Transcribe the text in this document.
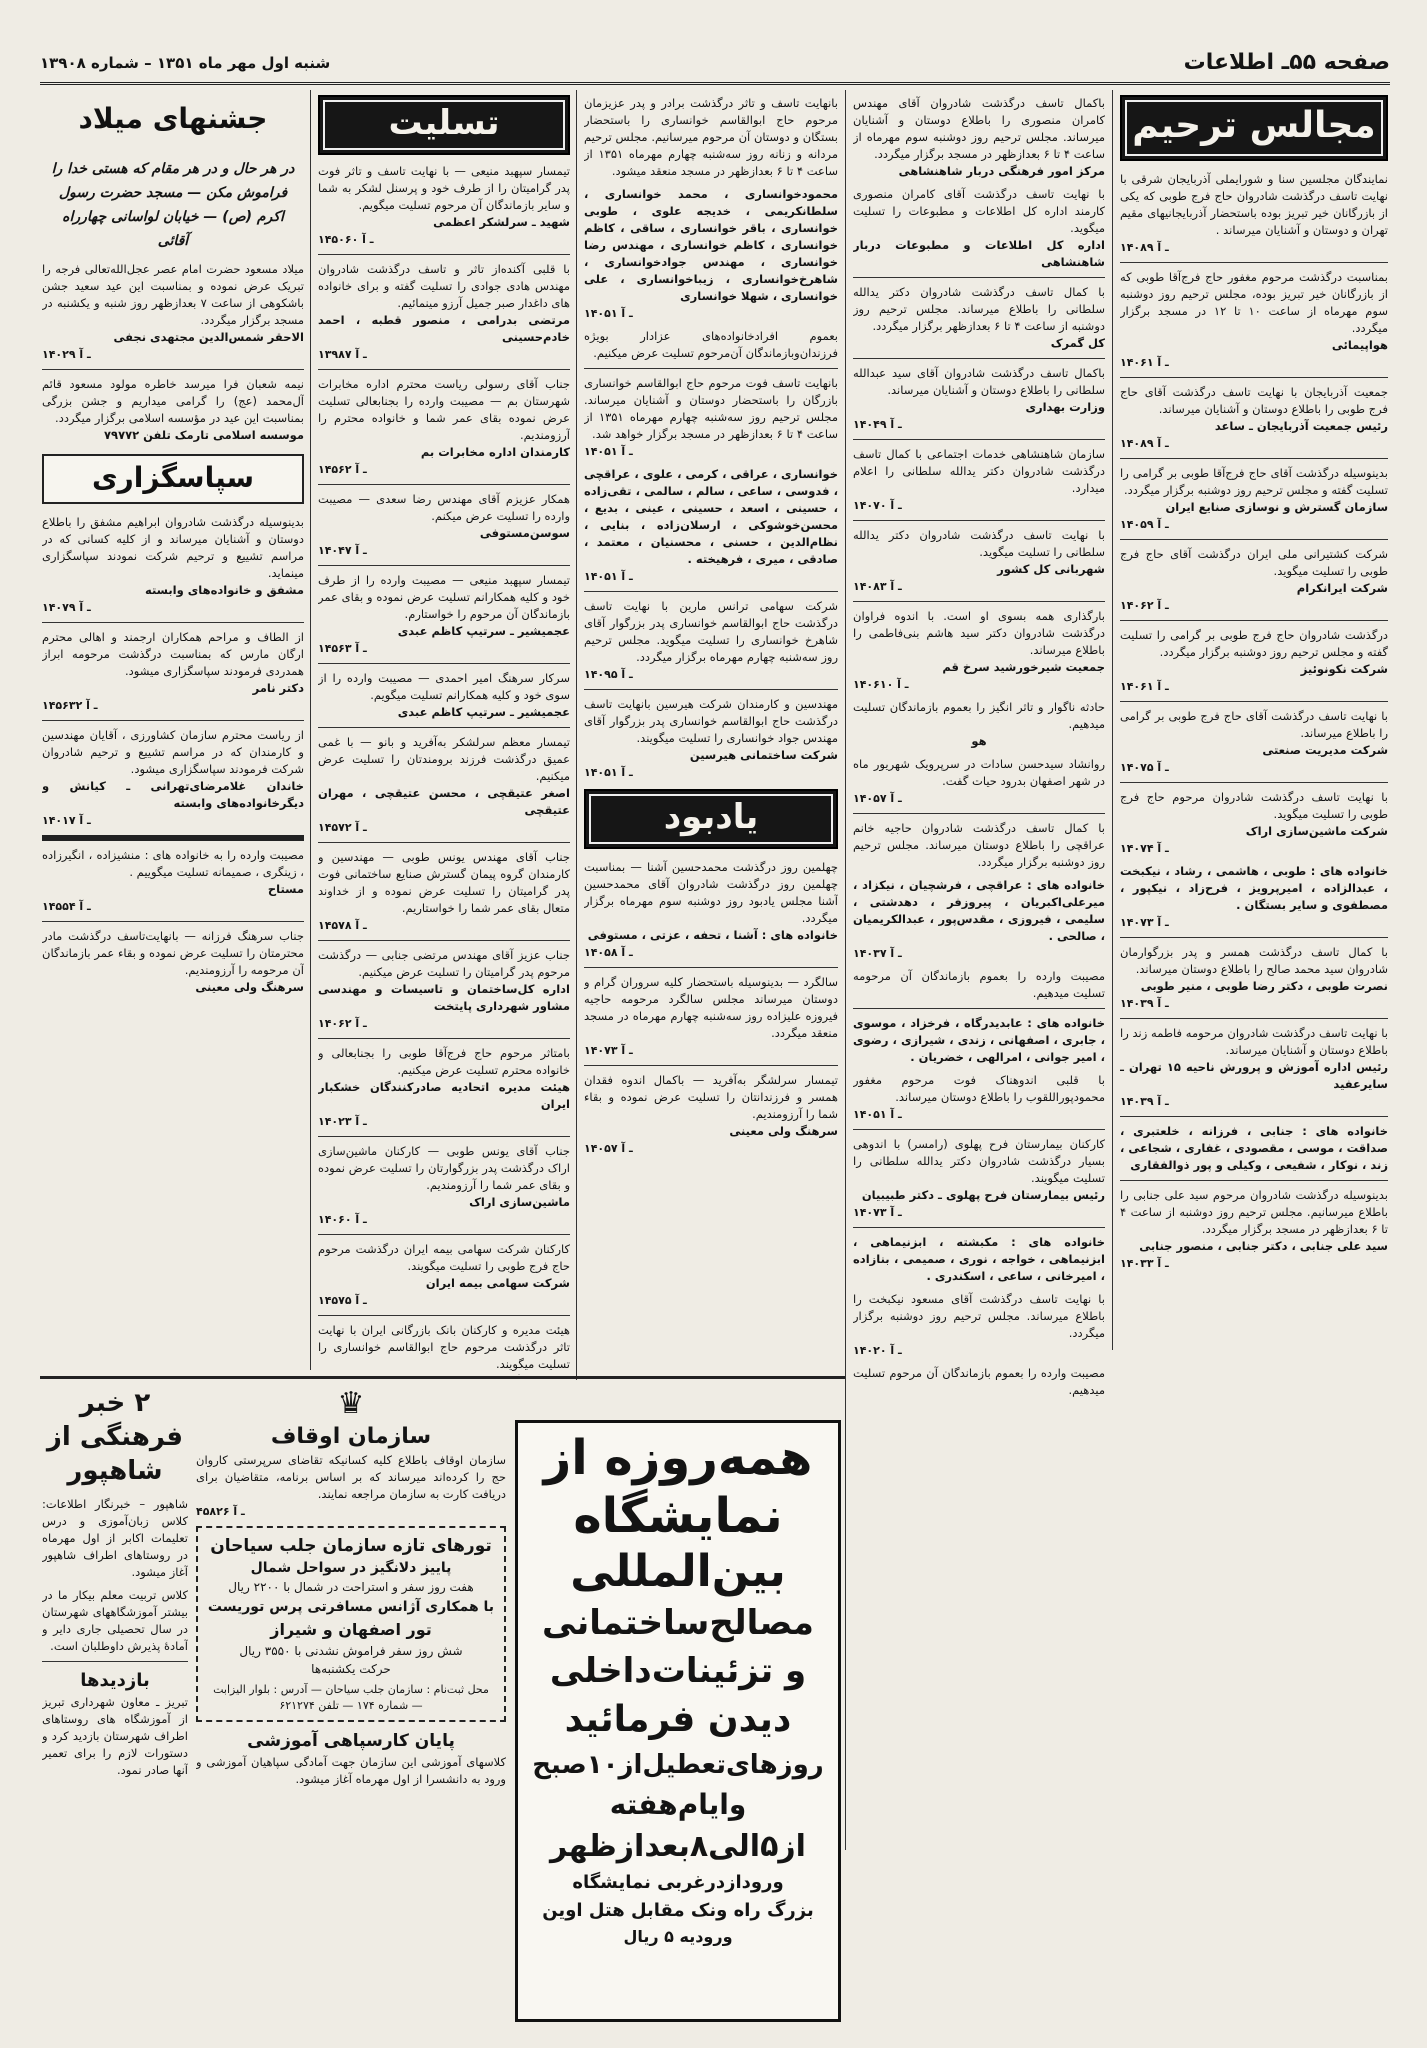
صفحه ۵۵ـ اطلاعات
شنبه اول مهر ماه ۱۳۵۱ – شماره ۱۳۹۰۸
مجالس ترحیم
نمایندگان مجلسین سنا و شورایملی آذربایجان شرقی با نهایت تاسف درگذشت شادروان حاج فرج طوبی که یکی از بازرگانان خیر تبریز بوده باستحضار آذربایجانیهای مقیم تهران و دوستان و آشنایان میرساند .
۱۴۰۸۹ ـ آ
بمناسبت درگذشت مرحوم مغفور حاج فرج‌آقا طوبی که از بازرگانان خیر تبریز بوده، مجلس ترحیم روز دوشنبه سوم مهرماه از ساعت ۱۰ تا ۱۲ در مسجد برگزار میگردد.
هواپیمائی
۱۴۰۶۱ ـ آ
جمعیت آذربایجان با نهایت تاسف درگذشت آقای حاج فرج طوبی را باطلاع دوستان و آشنایان میرساند.
رئیس جمعیت آذربایجان ـ ساعد
۱۴۰۸۹ ـ آ
بدینوسیله درگذشت آقای حاج فرج‌آقا طوبی بر گرامی را تسلیت گفته و مجلس ترحیم روز دوشنبه برگزار میگردد.
سازمان گسترش و نوسازی صنایع ایران
۱۴۰۵۹ ـ آ
شرکت کشتیرانی ملی ایران درگذشت آقای حاج فرج طوبی را تسلیت میگوید.
شرکت ایرانکرام
۱۴۰۶۲ ـ آ
درگذشت شادروان حاج فرج طوبی بر گرامی را تسلیت گفته و مجلس ترحیم روز دوشنبه برگزار میگردد.
شرکت نکونوئیز
۱۴۰۶۱ ـ آ
با نهایت تاسف درگذشت آقای حاج فرج طوبی بر گرامی را باطلاع میرساند.
شرکت مدیریت صنعتی
۱۴۰۷۵ ـ آ
با نهایت تاسف درگذشت شادروان مرحوم حاج فرج طوبی را تسلیت میگوید.
شرکت ماشین‌سازی اراک
۱۴۰۷۴ ـ آ
خانواده های : طوبی ، هاشمی ، رشاد ، نیکبخت ، عبدالزاده ، امیرپرویز ، فرح‌زاد ، نیکپور ، مصطفوی و سایر بستگان .
۱۴۰۷۳ ـ آ
با کمال تاسف درگذشت همسر و پدر بزرگوارمان شادروان سید محمد صالح را باطلاع دوستان میرساند.
نصرت طوبی ، دکتر رضا طوبی ، منیر طوبی
۱۴۰۳۹ ـ آ
با نهایت تاسف درگذشت شادروان مرحومه فاطمه زند را باطلاع دوستان و آشنایان میرساند.
رئیس اداره آموزش و پرورش ناحیه ۱۵ تهران ـ سایرعفید
۱۴۰۳۹ ـ آ
خانواده های : جنابی ، فرزانه ، خلعتبری ، صداقت ، موسی ، مقصودی ، غفاری ، شجاعی ، زند ، نوکار ، شفیعی ، وکیلی و پور ذوالفقاری
بدینوسیله درگذشت شادروان مرحوم سید علی جنابی را باطلاع میرسانیم. مجلس ترحیم روز دوشنبه از ساعت ۴ تا ۶ بعدازظهر در مسجد برگزار میگردد.
سید علی جنابی ، دکتر جنابی ، منصور جنابی
۱۴۰۳۳ ـ آ
باکمال تاسف درگذشت شادروان آقای مهندس کامران منصوری را باطلاع دوستان و آشنایان میرساند. مجلس ترحیم روز دوشنبه سوم مهرماه از ساعت ۴ تا ۶ بعدازظهر در مسجد برگزار میگردد.
مرکز امور فرهنگی دربار شاهنشاهی
با نهایت تاسف درگذشت آقای کامران منصوری کارمند اداره کل اطلاعات و مطبوعات را تسلیت میگوید.
اداره کل اطلاعات و مطبوعات دربار شاهنشاهی
با کمال تاسف درگذشت شادروان دکتر یدالله سلطانی را باطلاع میرساند. مجلس ترحیم روز دوشنبه از ساعت ۴ تا ۶ بعدازظهر برگزار میگردد.
کل گمرک
باکمال تاسف درگذشت شادروان آقای سید عبدالله سلطانی را باطلاع دوستان و آشنایان میرساند.
وزارت بهداری
۱۴۰۴۹ ـ آ
سازمان شاهنشاهی خدمات اجتماعی با کمال تاسف درگذشت شادروان دکتر یدالله سلطانی را اعلام میدارد.
۱۴۰۷۰ ـ آ
با نهایت تاسف درگذشت شادروان دکتر یدالله سلطانی را تسلیت میگوید.
شهربانی کل کشور
۱۴۰۸۳ ـ آ
بارگذاری همه بسوی او است. با اندوه فراوان درگذشت شادروان دکتر سید هاشم بنی‌فاطمی را باطلاع میرساند.
جمعیت شیرخورشید سرخ قم
۱۴۰۶۱۰ ـ آ
حادثه ناگوار و تاثر انگیز را بعموم بازماندگان تسلیت میدهیم.
هو
روانشاد سیدحسن سادات در سرپرویک شهریور ماه در شهر اصفهان بدرود حیات گفت.
۱۴۰۵۷ ـ آ
با کمال تاسف درگذشت شادروان حاجیه خانم عراقچی را باطلاع دوستان میرساند. مجلس ترحیم روز دوشنبه برگزار میگردد.
خانواده های : عراقچی ، فرشچیان ، نیکزاد ، میرعلی‌اکبریان ، پیروزفر ، دهدشتی ، سلیمی ، فیروزی ، مقدس‌پور ، عبدالکریمیان ، صالحی .
۱۴۰۳۷ ـ آ
مصیبت وارده را بعموم بازماندگان آن مرحومه تسلیت میدهیم.
خانواده های : عابدیدرگاه ، فرخزاد ، موسوی ، جابری ، اصفهانی ، زندی ، شیرازی ، رضوی ، امیر جوانی ، امرالهی ، خضریان .
با قلبی اندوهناک فوت مرحوم مغفور محمودپوراللقوب را باطلاع دوستان میرساند.
۱۴۰۵۱ ـ آ
کارکنان بیمارستان فرح پهلوی (رامسر) با اندوهی بسیار درگذشت شادروان دکتر یدالله سلطانی را تسلیت میگویند.
رئیس بیمارستان فرح پهلوی ـ دکتر طبیبیان
۱۴۰۷۳ ـ آ
خانواده های : مکبشته ، ابزنیماهی ، ابزنیماهی ، خواجه ، نوری ، صمیمی ، بنازاده ، امیرخانی ، ساعی ، اسکندری .
با نهایت تاسف درگذشت آقای مسعود نیکبخت را باطلاع میرساند. مجلس ترحیم روز دوشنبه برگزار میگردد.
۱۴۰۲۰ ـ آ
مصیبت وارده را بعموم بازماندگان آن مرحوم تسلیت میدهیم.
بانهایت تاسف و تاثر درگذشت برادر و پدر عزیزمان مرحوم حاج ابوالقاسم خوانساری را باستحضار بستگان و دوستان آن مرحوم میرسانیم. مجلس ترحیم مردانه و زنانه روز سه‌شنبه چهارم مهرماه ۱۳۵۱ از ساعت ۴ تا ۶ بعدازظهر در مسجد منعقد میشود.
محمودخوانساری ، محمد خوانساری ، سلطانکریمی ، خدیجه علوی ، طوبی خوانساری ، باقر خوانساری ، ساقی ، کاظم خوانساری ، کاظم خوانساری ، مهندس رضا خوانساری ، مهندس جوادخوانساری ، شاهرخ‌خوانساری ، زیباخوانساری ، علی خوانساری ، شهلا خوانساری
۱۴۰۵۱ ـ آ
بعموم افرادخانواده‌های عزادار بویژه فرزندان‌وبازماندگان آن‌مرحوم تسلیت عرض میکنیم.
بانهایت تاسف فوت مرحوم حاج ابوالقاسم خوانساری بازرگان را باستحضار دوستان و آشنایان میرساند. مجلس ترحیم روز سه‌شنبه چهارم مهرماه ۱۳۵۱ از ساعت ۴ تا ۶ بعدازظهر در مسجد برگزار خواهد شد.
۱۴۰۵۱ ـ آ
خوانساری ، عراقی ، کرمی ، علوی ، عراقچی ، فدوسی ، ساعی ، سالم ، سالمی ، تقی‌زاده ، حسینی ، اسعد ، حسینی ، عینی ، بدیع ، محسن‌خوشوکی ، ارسلان‌زاده ، بنایی ، نظام‌الدین ، حسنی ، محسنیان ، معتمد ، صادقی ، میری ، فرهیخته .
۱۴۰۵۱ ـ آ
شرکت سهامی ترانس مارین با نهایت تاسف درگذشت حاج ابوالقاسم خوانساری پدر بزرگوار آقای شاهرخ خوانساری را تسلیت میگوید. مجلس ترحیم روز سه‌شنبه چهارم مهرماه برگزار میگردد.
۱۴۰۹۵ ـ آ
مهندسین و کارمندان شرکت هیرسین بانهایت تاسف درگذشت حاج ابوالقاسم خوانساری پدر بزرگوار آقای مهندس جواد خوانساری را تسلیت میگویند.
شرکت ساختمانی هیرسین
۱۴۰۵۱ ـ آ
یادبود
چهلمین روز درگذشت محمدحسین آشنا — بمناسبت چهلمین روز درگذشت شادروان آقای محمدحسین آشنا مجلس یادبود روز دوشنبه سوم مهرماه برگزار میگردد.
خانواده های : آشنا ، تحفه ، عزتی ، مستوفی
۱۴۰۵۸ ـ آ
سالگرد — بدینوسیله باستحضار کلیه سروران گرام و دوستان میرساند مجلس سالگرد مرحومه حاجیه فیروزه علیزاده روز سه‌شنبه چهارم مهرماه در مسجد منعقد میگردد.
۱۴۰۷۳ ـ آ
تیمسار سرلشگر به‌آفرید — باکمال اندوه فقدان همسر و فرزندانتان را تسلیت عرض نموده و بقاء شما را آرزومندیم.
سرهنگ ولی معینی
۱۴۰۵۷ ـ آ
تسلیت
تیمسار سپهبد منیعی — با نهایت تاسف و تاثر فوت پدر گرامیتان را از طرف خود و پرسنل لشکر به شما و سایر بازماندگان آن مرحوم تسلیت میگویم.
شهید ـ سرلشکر اعظمی
۱۴۵۰۶۰ ـ آ
با قلبی آکنده‌از تاثر و تاسف درگذشت شادروان مهندس هادی جوادی را تسلیت گفته و برای خانواده های داغدار صبر جمیل آرزو مینمائیم.
مرتضی بدرامی ، منصور قطبه ، احمد خادم‌حسینی
۱۳۹۸۷ ـ آ
جناب آقای رسولی ریاست محترم اداره مخابرات شهرستان بم — مصیبت وارده را بجنابعالی تسلیت عرض نموده بقای عمر شما و خانواده محترم را آرزومندیم.
کارمندان اداره مخابرات بم
۱۴۵۶۲ ـ آ
همکار عزیزم آقای مهندس رضا سعدی — مصیبت وارده را تسلیت عرض میکنم.
سوسن‌مستوفی
۱۴۰۴۷ ـ آ
تیمسار سپهبد منیعی — مصیبت وارده را از طرف خود و کلیه همکارانم تسلیت عرض نموده و بقای عمر بازماندگان آن مرحوم را خواستارم.
عجمیشیر ـ سرتیپ کاظم عبدی
۱۴۵۶۳ ـ آ
سرکار سرهنگ امیر احمدی — مصیبت وارده را از سوی خود و کلیه همکارانم تسلیت میگویم.
عجمیشیر ـ سرتیپ کاظم عبدی
تیمسار معظم سرلشکر به‌آفرید و بانو — با غمی عمیق درگذشت فرزند برومندتان را تسلیت عرض میکنیم.
اصغر عتیقچی ، محسن عتیقچی ، مهران عتیقچی
۱۴۵۷۲ ـ آ
جناب آقای مهندس یونس طوبی — مهندسین و کارمندان گروه پیمان گسترش صنایع ساختمانی فوت پدر گرامیتان را تسلیت عرض نموده و از خداوند متعال بقای عمر شما را خواستاریم.
۱۴۵۷۸ ـ آ
جناب عزیز آقای مهندس مرتضی جنابی — درگذشت مرحوم پدر گرامیتان را تسلیت عرض میکنیم.
اداره کل‌ساختمان و تاسیسات و مهندسی مشاور شهرداری پایتخت
۱۴۰۶۲ ـ آ
بامتاثر مرحوم حاج فرج‌آقا طوبی را بجنابعالی و خانواده محترم تسلیت عرض میکنیم.
هیئت مدیره اتحادیه صادرکنندگان خشکبار ایران
۱۴۰۲۳ ـ آ
جناب آقای یونس طوبی — کارکنان ماشین‌سازی اراک درگذشت پدر بزرگوارتان را تسلیت عرض نموده و بقای عمر شما را آرزومندیم.
ماشین‌سازی اراک
۱۴۰۶۰ ـ آ
کارکنان شرکت سهامی بیمه ایران درگذشت مرحوم حاج فرج طوبی را تسلیت میگویند.
شرکت سهامی بیمه ایران
۱۴۵۷۵ ـ آ
هیئت مدیره و کارکنان بانک بازرگانی ایران با نهایت تاثر درگذشت مرحوم حاج ابوالقاسم خوانساری را تسلیت میگویند.
جشنهای میلاد
در هر حال و در هر مقام که هستی خدا را فراموش مکن — مسجد حضرت رسول اکرم (ص) — خیابان لواسانی چهارراه آقائی
میلاد مسعود حضرت امام عصر عجل‌الله‌تعالی فرجه را تبریک عرض نموده و بمناسبت این عید سعید جشن باشکوهی از ساعت ۷ بعدازظهر روز شنبه و یکشنبه در مسجد برگزار میگردد.
الاحقر شمس‌الدین مجتهدی نجفی
۱۴۰۲۹ ـ آ
نیمه شعبان فرا میرسد خاطره مولود مسعود قائم آل‌محمد (عج) را گرامی میداریم و جشن بزرگی بمناسبت این عید در مؤسسه اسلامی برگزار میگردد.
موسسه اسلامی تارمک تلفن ۷۹۷۷۲
سپاسگزاری
بدینوسیله درگذشت شادروان ابراهیم مشفق را باطلاع دوستان و آشنایان میرساند و از کلیه کسانی که در مراسم تشییع و ترحیم شرکت نمودند سپاسگزاری مینماید.
مشفق و خانواده‌های وابسته
۱۴۰۷۹ ـ آ
از الطاف و مراحم همکاران ارجمند و اهالی محترم ارگان مارس که بمناسبت درگذشت مرحومه ابراز همدردی فرمودند سپاسگزاری میشود.
دکتر نامر
۱۴۵۶۳۲ ـ آ
از ریاست محترم سازمان کشاورزی ، آقایان مهندسین و کارمندان که در مراسم تشییع و ترحیم شادروان شرکت فرمودند سپاسگزاری میشود.
خاندان غلامرضای‌تهرانی ـ کیانش و دیگرخانواده‌های وابسته
۱۴۰۱۷ ـ آ
مصیبت وارده را به خانواده های : منشیزاده ، انگیرزاده ، زینگری ، صمیمانه تسلیت میگوییم .
مستاح
۱۴۵۵۴ ـ آ
جناب سرهنگ فرزانه — بانهایت‌تاسف درگذشت مادر محترمتان را تسلیت عرض نموده و بقاء عمر بازماندگان آن مرحومه را آرزومندیم.
سرهنگ ولی معینی
همه‌روزه از
نمایشگاه
بین‌المللی
مصالح‌ساختمانی
و تزئینات‌داخلی
دیدن فرمائید
روزهای‌تعطیل‌از۱۰صبح
وایام‌هفته
از۵الی۸بعدازظهر
ورود‌از‌درغربی نمایشگاه
بزرگ راه ونک مقابل هتل اوین
ورودیه ۵ ریال
♛
سازمان اوقاف
سازمان اوقاف باطلاع کلیه کسانیکه تقاضای سرپرستی کاروان حج را کرده‌اند میرساند که بر اساس برنامه، متقاضیان برای دریافت کارت به سازمان مراجعه نمایند.
۴۵۸۲۶ ـ آ
تورهای تازه سازمان جلب سیاحان
پاییز دلانگیز در سواحل شمال
هفت روز سفر و استراحت در شمال با ۲۲۰۰ ریال
با همکاری آژانس مسافرتی پرس توریست
تور اصفهان و شیراز
شش روز سفر فراموش نشدنی با ۳۵۵۰ ریال
حرکت یکشنبه‌ها
محل ثبت‌نام : سازمان جلب سیاحان — آدرس : بلوار الیزابت — شماره ۱۷۴ — تلفن ۶۲۱۲۷۴
پایان کارسپاهی آموزشی
کلاسهای آموزشی این سازمان جهت آمادگی سپاهیان آموزشی و ورود به دانشسرا از اول مهرماه آغاز میشود.
۲ خبر فرهنگی از شاهپور
شاهپور – خبرنگار اطلاعات: کلاس زبان‌آموزی و درس تعلیمات اکابر از اول مهرماه در روستاهای اطراف شاهپور آغاز میشود.
کلاس تربیت معلم بیکار ما در بیشتر آموزشگاههای شهرستان در سال تحصیلی جاری دایر و آمادهٔ پذیرش داوطلبان است.
بازدیدها
تبریز ـ معاون شهرداری تبریز از آموزشگاه های روستاهای اطراف شهرستان بازدید کرد و دستورات لازم را برای تعمیر آنها صادر نمود.
